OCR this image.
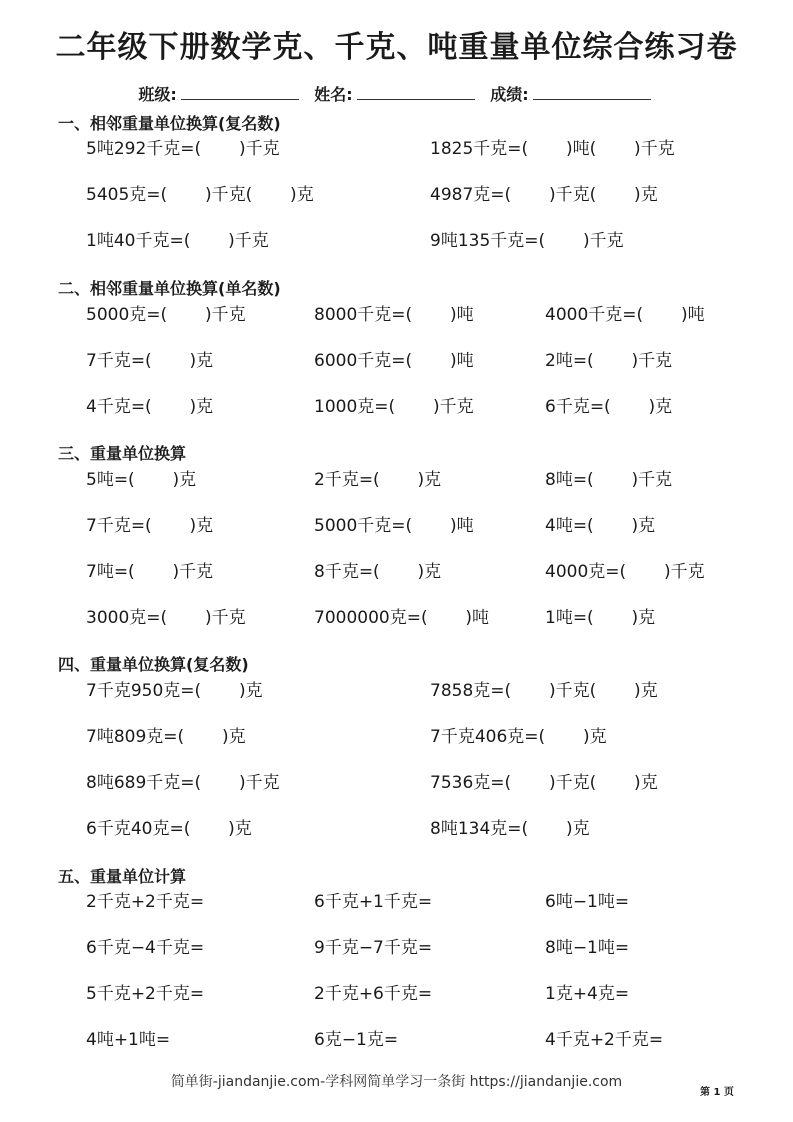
二年级下册数学克、千克、吨重量单位综合练习卷
班级:	姓名:	成绩:
一、相邻重量单位换算(复名数)
5吨292千克=(       )千克	1825千克=(       )吨(       )千克
5405克=(       )千克(       )克	4987克=(       )千克(       )克
1吨40千克=(       )千克	9吨135千克=(       )千克
二、相邻重量单位换算(单名数)
5000克=(       )千克	8000千克=(       )吨	4000千克=(       )吨
7千克=(       )克	6000千克=(       )吨	2吨=(       )千克
4千克=(       )克	1000克=(       )千克	6千克=(       )克
三、重量单位换算
5吨=(       )克	2千克=(       )克	8吨=(       )千克
7千克=(       )克	5000千克=(       )吨	4吨=(       )克
7吨=(       )千克	8千克=(       )克	4000克=(       )千克
3000克=(       )千克	7000000克=(       )吨	1吨=(       )克
四、重量单位换算(复名数)
7千克950克=(       )克	7858克=(       )千克(       )克
7吨809克=(       )克	7千克406克=(       )克
8吨689千克=(       )千克	7536克=(       )千克(       )克
6千克40克=(       )克	8吨134克=(       )克
五、重量单位计算
2千克+2千克=	6千克+1千克=	6吨−1吨=
6千克−4千克=	9千克−7千克=	8吨−1吨=
5千克+2千克=	2千克+6千克=	1克+4克=
4吨+1吨=	6克−1克=	4千克+2千克=
简单街-jiandanjie.com-学科网简单学习一条街 https://jiandanjie.com
第 1 页
